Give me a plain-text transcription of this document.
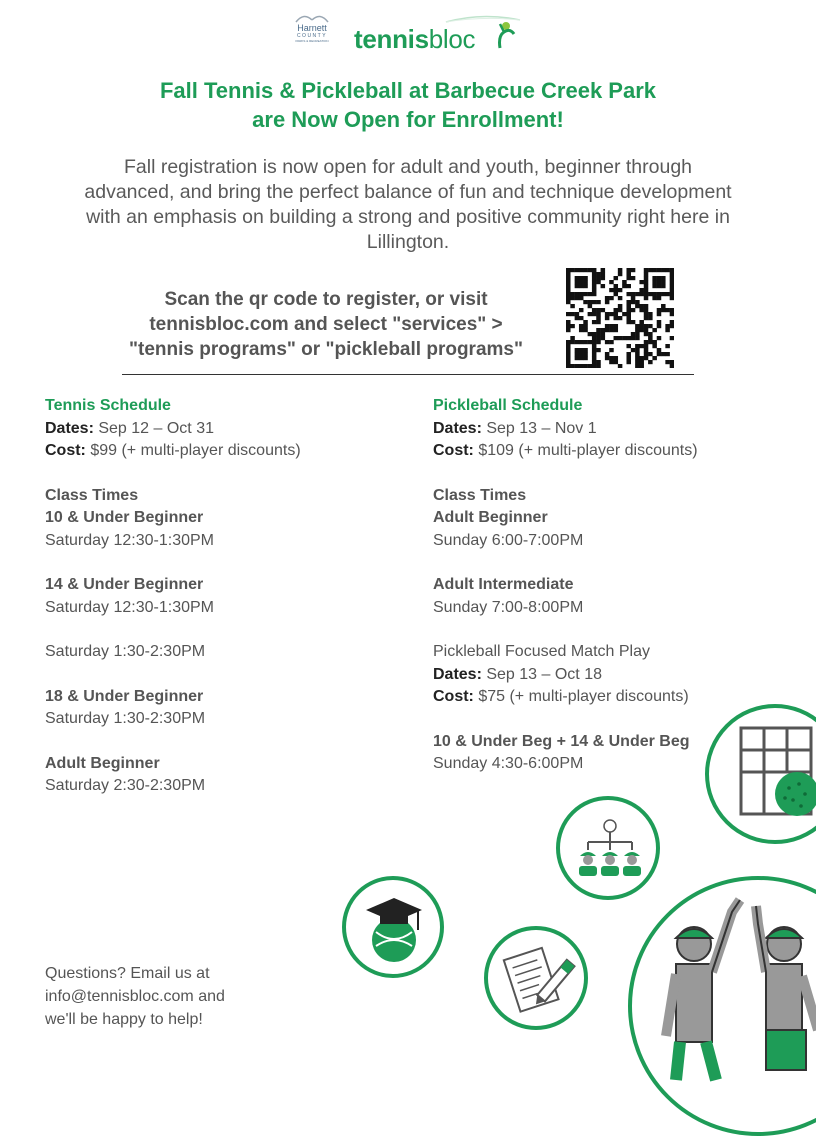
Harnett
COUNTY
PARKS & RECREATION tennisbloc
Fall Tennis & Pickleball at Barbecue Creek Park
are Now Open for Enrollment!
Fall registration is now open for adult and youth, beginner through advanced, and bring the perfect balance of fun and technique development with an emphasis on building a strong and positive community right here in Lillington.
Scan the qr code to register, or visit
tennisbloc.com and select "services" >
"tennis programs" or "pickleball programs"
Tennis Schedule
Dates: Sep 12 – Oct 31
Cost: $99 (+ multi-player discounts)
Class Times
10 & Under Beginner
Saturday 12:30-1:30PM
14 & Under Beginner
Saturday 12:30-1:30PM
Saturday 1:30-2:30PM
18 & Under Beginner
Saturday 1:30-2:30PM
Adult Beginner
Saturday 2:30-2:30PM
Pickleball Schedule
Dates: Sep 13 – Nov 1
Cost: $109 (+ multi-player discounts)
Class Times
Adult Beginner
Sunday 6:00-7:00PM
Adult Intermediate
Sunday 7:00-8:00PM
Pickleball Focused Match Play
Dates: Sep 13 – Oct 18
Cost: $75 (+ multi-player discounts)
10 & Under Beg + 14 & Under Beg
Sunday 4:30-6:00PM
Questions? Email us at
info@tennisbloc.com and
we'll be happy to help!
